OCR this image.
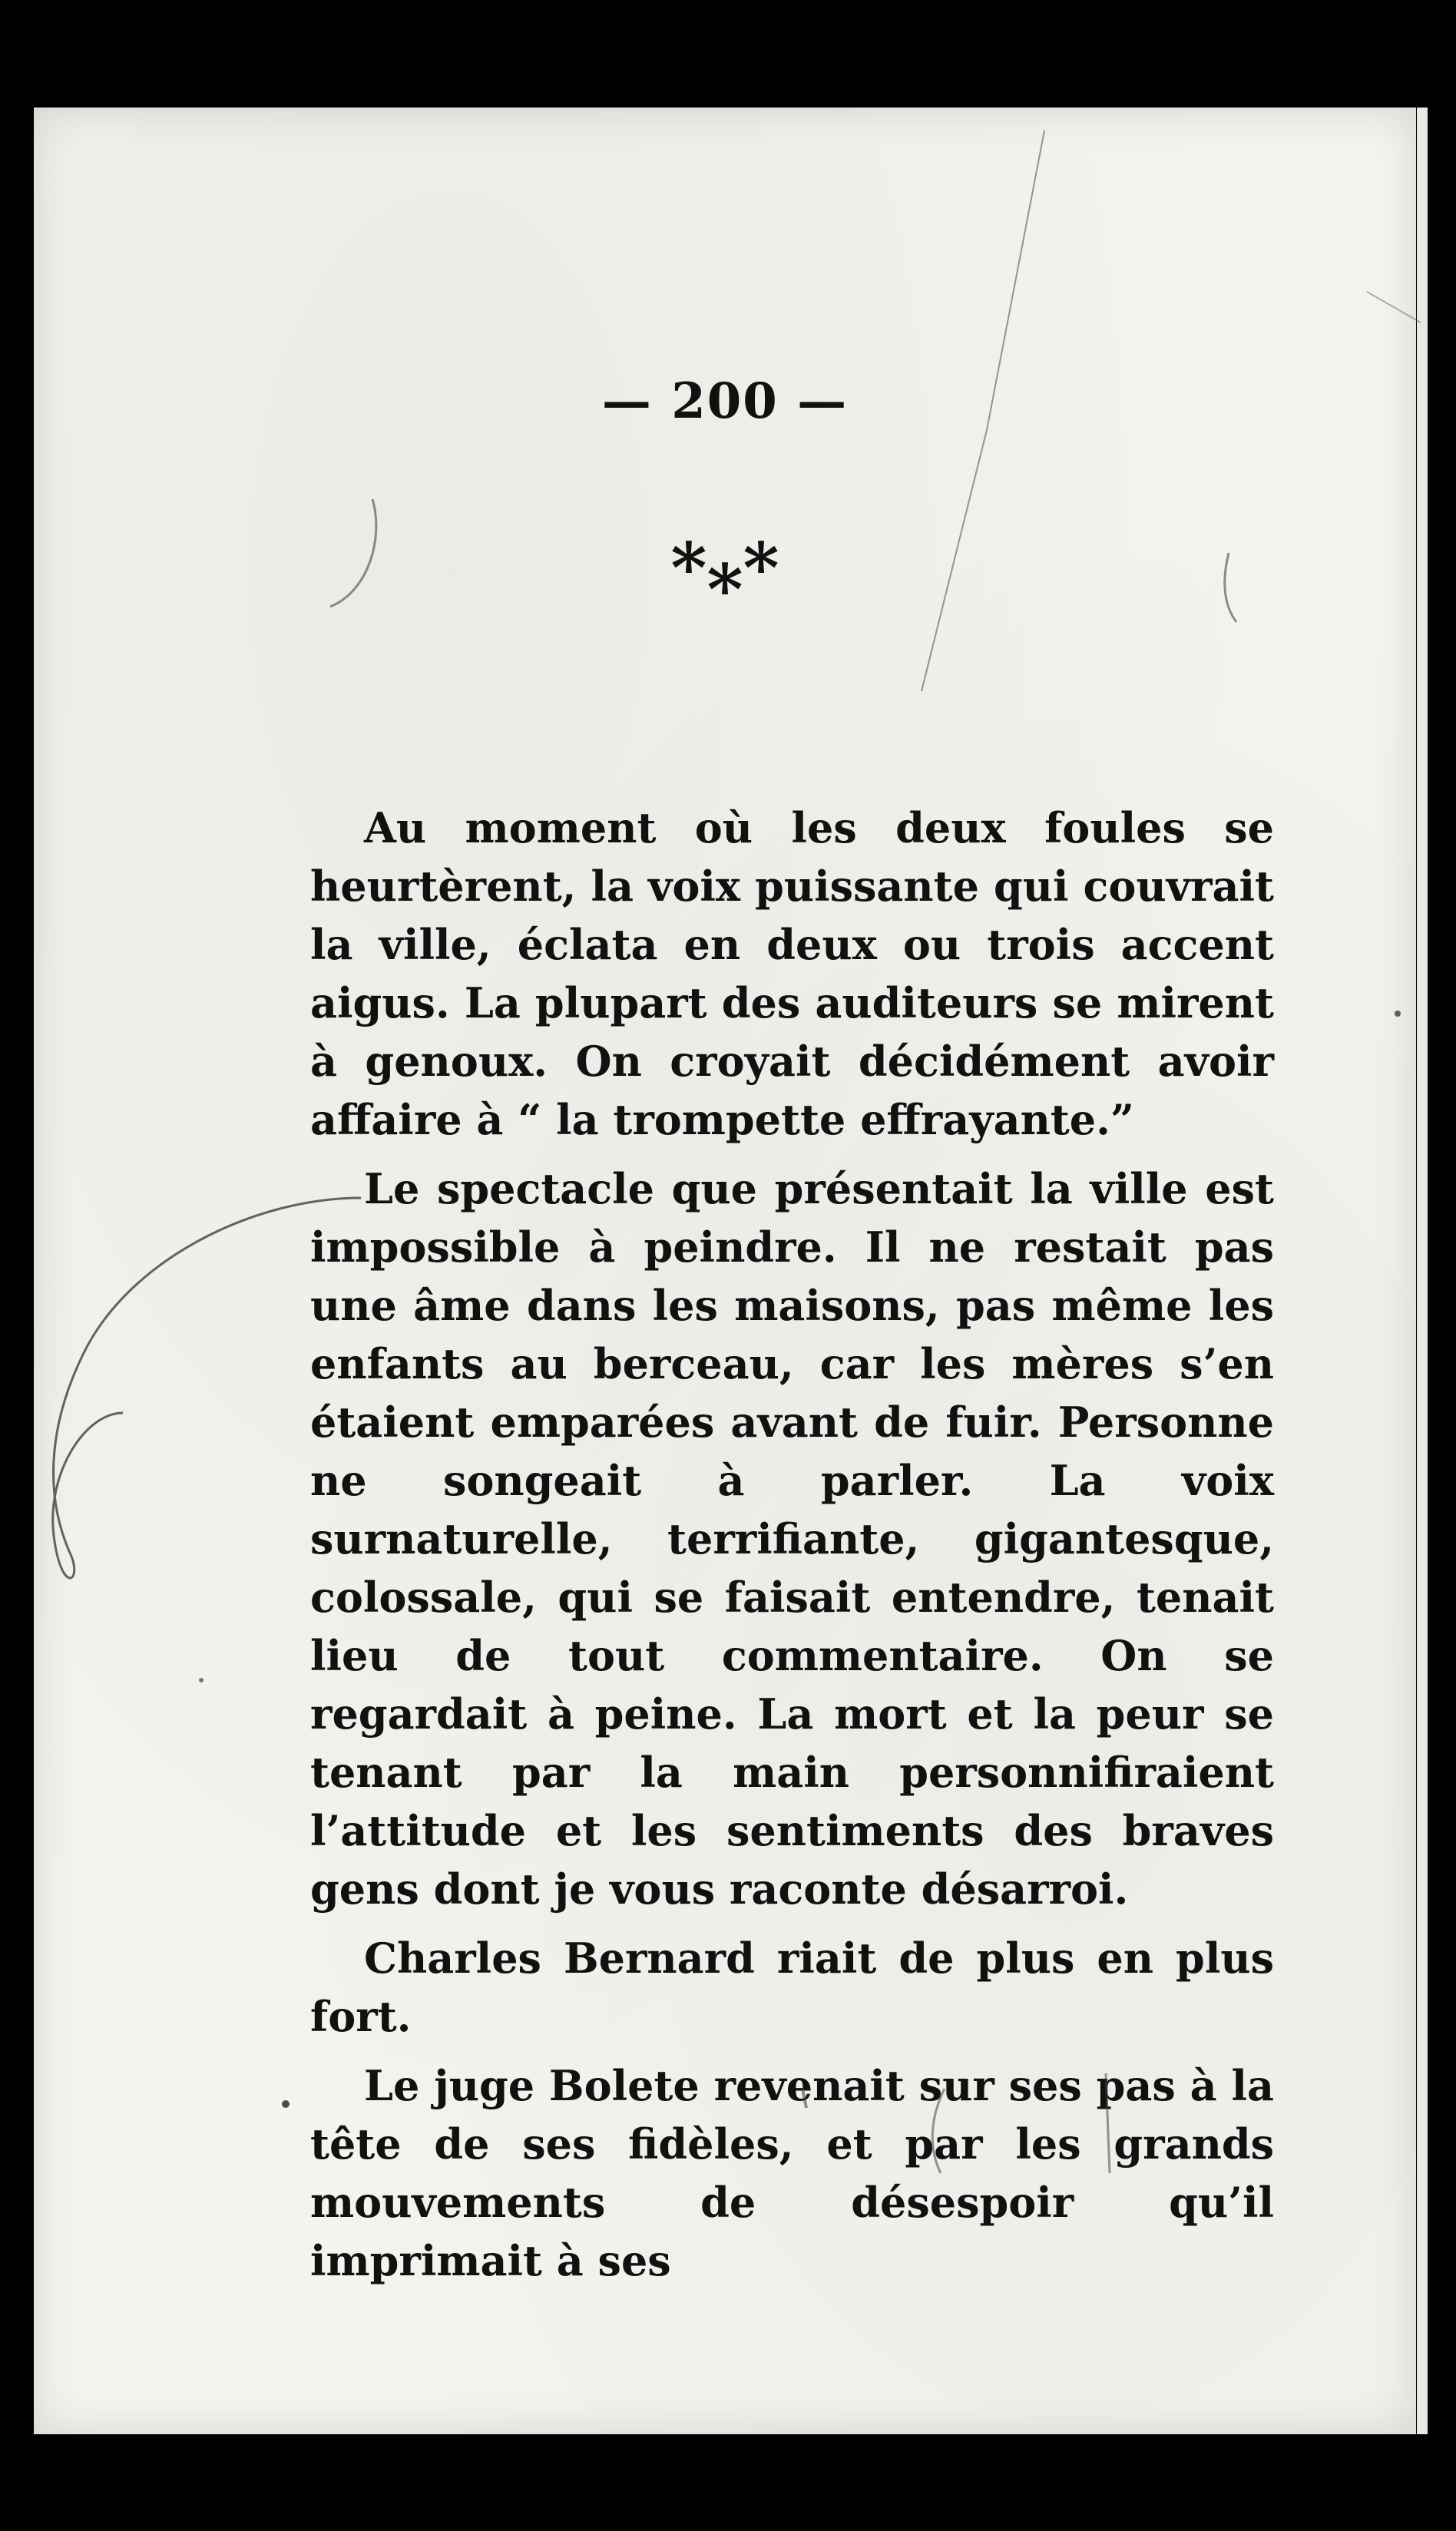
— 200 —
***

Au moment où les deux foules se heurtèrent, la voix puissante qui couvrait la ville, éclata en deux ou trois accent aigus. La plupart des auditeurs se mirent à genoux. On croyait décidément avoir affaire à “ la trompette effrayante.”

Le spectacle que présentait la ville est impossible à peindre. Il ne restait pas une âme dans les maisons, pas même les enfants au berceau, car les mères s’en étaient emparées avant de fuir. Personne ne songeait à parler. La voix surnaturelle, terrifiante, gigantesque, colossale, qui se faisait entendre, tenait lieu de tout commentaire. On se regardait à peine. La mort et la peur se tenant par la main personnifiraient l’attitude et les sentiments des braves gens dont je vous raconte désarroi.

Charles Bernard riait de plus en plus fort.

Le juge Bolete revenait sur ses pas à la tête de ses fidèles, et par les grands mouvements de désespoir qu’il imprimait à ses
